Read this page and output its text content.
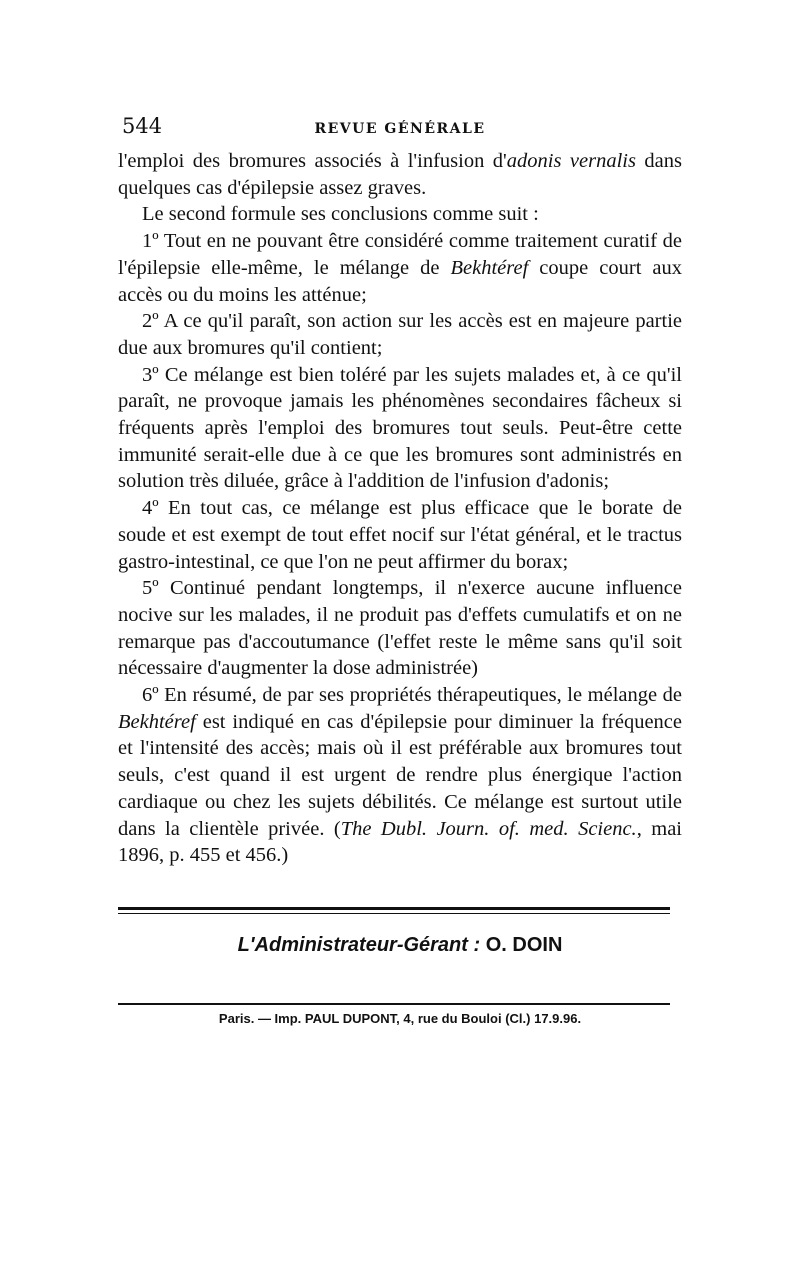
544	REVUE GÉNÉRALE

l'emploi des bromures associés à l'infusion d'adonis vernalis dans quelques cas d'épilepsie assez graves.

Le second formule ses conclusions comme suit :

1º Tout en ne pouvant être considéré comme traitement curatif de l'épilepsie elle-même, le mélange de Bekhtéref coupe court aux accès ou du moins les atténue;

2º A ce qu'il paraît, son action sur les accès est en majeure partie due aux bromures qu'il contient;

3º Ce mélange est bien toléré par les sujets malades et, à ce qu'il paraît, ne provoque jamais les phénomènes secondaires fâcheux si fréquents après l'emploi des bromures tout seuls. Peut-être cette immunité serait-elle due à ce que les bromures sont administrés en solution très diluée, grâce à l'addition de l'infusion d'adonis;

4º En tout cas, ce mélange est plus efficace que le borate de soude et est exempt de tout effet nocif sur l'état général, et le tractus gastro-intestinal, ce que l'on ne peut affirmer du borax;

5º Continué pendant longtemps, il n'exerce aucune influence nocive sur les malades, il ne produit pas d'effets cumulatifs et on ne remarque pas d'accoutumance (l'effet reste le même sans qu'il soit nécessaire d'augmenter la dose administrée)

6º En résumé, de par ses propriétés thérapeutiques, le mélange de Bekhtéref est indiqué en cas d'épilepsie pour diminuer la fréquence et l'intensité des accès; mais où il est préférable aux bromures tout seuls, c'est quand il est urgent de rendre plus énergique l'action cardiaque ou chez les sujets débilités. Ce mélange est surtout utile dans la clientèle privée. (The Dubl. Journ. of. med. Scienc., mai 1896, p. 455 et 456.)

L'Administrateur-Gérant : O. DOIN
Paris. — Imp. PAUL DUPONT, 4, rue du Bouloi (Cl.) 17.9.96.
